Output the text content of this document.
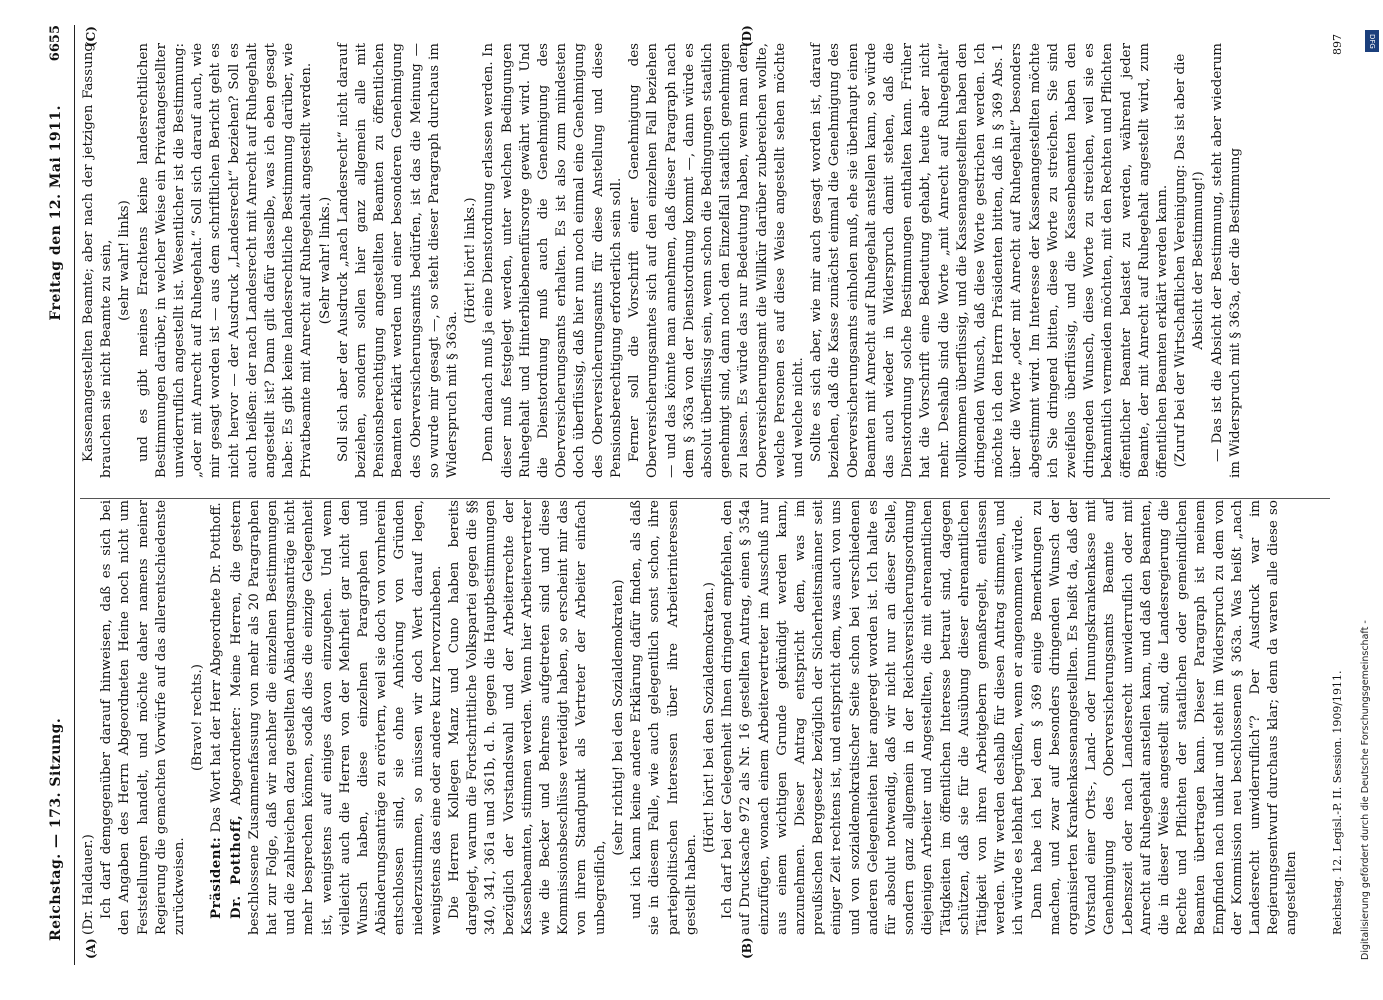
Reichstag. — 173. Sitzung.
Freitag den 12. Mai 1911.
6655
(A)	(B)
(C)	(D)

(Dr. Haldauer.) Ich darf demgegenüber darauf hinweisen, daß es sich bei den Angaben des Herrn Abgeordneten Heine noch nicht um Feststellungen handelt, und möchte daher namens meiner Regierung die gemachten Vorwürfe auf das allerentschiedenste zurückweisen.

(Bravo! rechts.)

Präsident: Das Wort hat der Herr Abgeordnete Dr. Potthoff.

Dr. Potthoff, Abgeordneter: Meine Herren, die gestern beschlossene Zusammenfassung von mehr als 20 Paragraphen hat zur Folge, daß wir nachher die einzelnen Bestimmungen und die zahlreichen dazu gestellten Abänderungsanträge nicht mehr besprechen können, sodaß dies die einzige Gelegenheit ist, wenigstens auf einiges davon einzugehen. Und wenn vielleicht auch die Herren von der Mehrheit gar nicht den Wunsch haben, diese einzelnen Paragraphen und Abänderungsanträge zu erörtern, weil sie doch von vornherein entschlossen sind, sie ohne Anhörung von Gründen niederzustimmen, so müssen wir doch Wert darauf legen, wenigstens das eine oder andere kurz hervorzuheben. Die Herren Kollegen Manz und Cuno haben bereits dargelegt, warum die Fortschrittliche Volkspartei gegen die §§ 340, 341, 361a und 361b, d. h. gegen die Hauptbestimmungen bezüglich der Vorstandswahl und der Arbeiterrechte der Kassenbeamten, stimmen werden. Wenn hier Arbeitervertreter wie die Becker und Behrens aufgetreten sind und diese Kommissionsbeschlüsse verteidigt haben, so erscheint mir das von ihrem Standpunkt als Vertreter der Arbeiter einfach unbegreiflich,

(sehr richtig! bei den Sozialdemokraten) und ich kann keine andere Erklärung dafür finden, als daß sie in diesem Falle, wie auch gelegentlich sonst schon, ihre parteipolitischen Interessen über ihre Arbeiterinteressen gestellt haben.

(Hört! hört! bei den Sozialdemokraten.) Ich darf bei der Gelegenheit Ihnen dringend empfehlen, den auf Drucksache 972 als Nr. 16 gestellten Antrag, einen § 354a einzufügen, wonach einem Arbeitervertreter im Ausschuß nur aus einem wichtigen Grunde gekündigt werden kann, anzunehmen. Dieser Antrag entspricht dem, was im preußischen Berggesetz bezüglich der Sicherheitsmänner seit einiger Zeit rechtens ist, und entspricht dem, was auch von uns und von sozialdemokratischer Seite schon bei verschiedenen anderen Gelegenheiten hier angeregt worden ist. Ich halte es für absolut notwendig, daß wir nicht nur an dieser Stelle, sondern ganz allgemein in der Reichsversicherungsordnung diejenigen Arbeiter und Angestellten, die mit ehrenamtlichen Tätigkeiten im öffentlichen Interesse betraut sind, dagegen schützen, daß sie für die Ausübung dieser ehrenamtlichen Tätigkeit von ihren Arbeitgebern gemaßregelt, entlassen werden. Wir werden deshalb für diesen Antrag stimmen, und ich würde es lebhaft begrüßen, wenn er angenommen würde. Dann habe ich bei dem § 369 einige Bemerkungen zu machen, und zwar auf besonders dringenden Wunsch der organisierten Krankenkassenangestellten. Es heißt da, daß der Vorstand einer Orts-, Land- oder Innungskrankenkasse mit Genehmigung des Oberversicherungsamts Beamte auf Lebenszeit oder nach Landesrecht unwiderruflich oder mit Anrecht auf Ruhegehalt anstellen kann, und daß den Beamten, die in dieser Weise angestellt sind, die Landesregierung die Rechte und Pflichten der staatlichen oder gemeindlichen Beamten übertragen kann. Dieser Paragraph ist meinem Empfinden nach unklar und steht im Widerspruch zu dem von der Kommission neu beschlossenen § 363a. Was heißt „nach Landesrecht unwiderruflich“? Der Ausdruck war im Regierungsentwurf durchaus klar; denn da waren alle diese so angestellten

Kassenangestellten Beamte; aber nach der jetzigen Fassung brauchen sie nicht Beamte zu sein, (sehr wahr! links) und es gibt meines Erachtens keine landesrechtlichen Bestimmungen darüber, in welcher Weise ein Privatangestellter unwiderruflich angestellt ist. Wesentlicher ist die Bestimmung: „oder mit Anrecht auf Ruhegehalt.“ Soll sich darauf auch, wie mir gesagt worden ist — aus dem schriftlichen Bericht geht es nicht hervor — der Ausdruck „Landesrecht“ beziehen? Soll es auch heißen: der nach Landesrecht mit Anrecht auf Ruhegehalt angestellt ist? Dann gilt dafür dasselbe, was ich eben gesagt habe: Es gibt keine landesrechtliche Bestimmung darüber, wie Privatbeamte mit Anrecht auf Ruhegehalt angestellt werden. (Sehr wahr! links.) Soll sich aber der Ausdruck „nach Landesrecht“ nicht darauf beziehen, sondern sollen hier ganz allgemein alle mit Pensionsberechtigung angestellten Beamten zu öffentlichen Beamten erklärt werden und einer besonderen Genehmigung des Oberversicherungsamts bedürfen, ist das die Meinung — so wurde mir gesagt —, so steht dieser Paragraph durchaus im Widerspruch mit § 363a.

(Hört! hört! links.) Denn danach muß ja eine Dienstordnung erlassen werden. In dieser muß festgelegt werden, unter welchen Bedingungen Ruhegehalt und Hinterbliebenenfürsorge gewährt wird. Und die Dienstordnung muß auch die Genehmigung des Oberversicherungsamts erhalten. Es ist also zum mindesten doch überflüssig, daß hier nun noch einmal eine Genehmigung des Oberversicherungsamts für diese Anstellung und diese Pensionsberechtigung erforderlich sein soll. Ferner soll die Vorschrift einer Genehmigung des Oberversicherungsamtes sich auf den einzelnen Fall beziehen — und das könnte man annehmen, daß dieser Paragraph nach dem § 363a von der Dienstordnung kommt —, dann würde es absolut überflüssig sein, wenn schon die Bedingungen staatlich genehmigt sind, dann noch den Einzelfall staatlich genehmigen zu lassen. Es würde das nur Bedeutung haben, wenn man dem Oberversicherungsamt die Willkür darüber zubereichen wollte, welche Personen es auf diese Weise angestellt sehen möchte und welche nicht. Sollte es sich aber, wie mir auch gesagt worden ist, darauf beziehen, daß die Kasse zunächst einmal die Genehmigung des Oberversicherungsamts einholen muß, ehe sie überhaupt einen Beamten mit Anrecht auf Ruhegehalt anstellen kann, so würde das auch wieder in Widerspruch damit stehen, daß die Dienstordnung solche Bestimmungen enthalten kann. Früher hat die Vorschrift eine Bedeutung gehabt, heute aber nicht mehr. Deshalb sind die Worte „mit Anrecht auf Ruhegehalt“ vollkommen überflüssig, und die Kassenangestellten haben den dringenden Wunsch, daß diese Worte gestrichen werden. Ich möchte ich den Herrn Präsidenten bitten, daß in § 369 Abs. 1 über die Worte „oder mit Anrecht auf Ruhegehalt“ besonders abgestimmt wird. Im Interesse der Kassenangestellten möchte ich Sie dringend bitten, diese Worte zu streichen. Sie sind zweifellos überflüssig, und die Kassenbeamten haben den dringenden Wunsch, diese Worte zu streichen, weil sie es bekanntlich vermeiden möchten, mit den Rechten und Pflichten öffentlicher Beamter belastet zu werden, während jeder Beamte, der mit Anrecht auf Ruhegehalt angestellt wird, zum öffentlichen Beamten erklärt werden kann. (Zuruf bei der Wirtschaftlichen Vereinigung: Das ist aber die Absicht der Bestimmung!) — Das ist die Absicht der Bestimmung, steht aber wiederum im Widerspruch mit § 363a, der die Bestimmung

Reichstag. 12. Legisl.-P. II. Session. 1909/1911.
897	DFG
Digitalisierung gefördert durch die Deutsche Forschungsgemeinschaft -
